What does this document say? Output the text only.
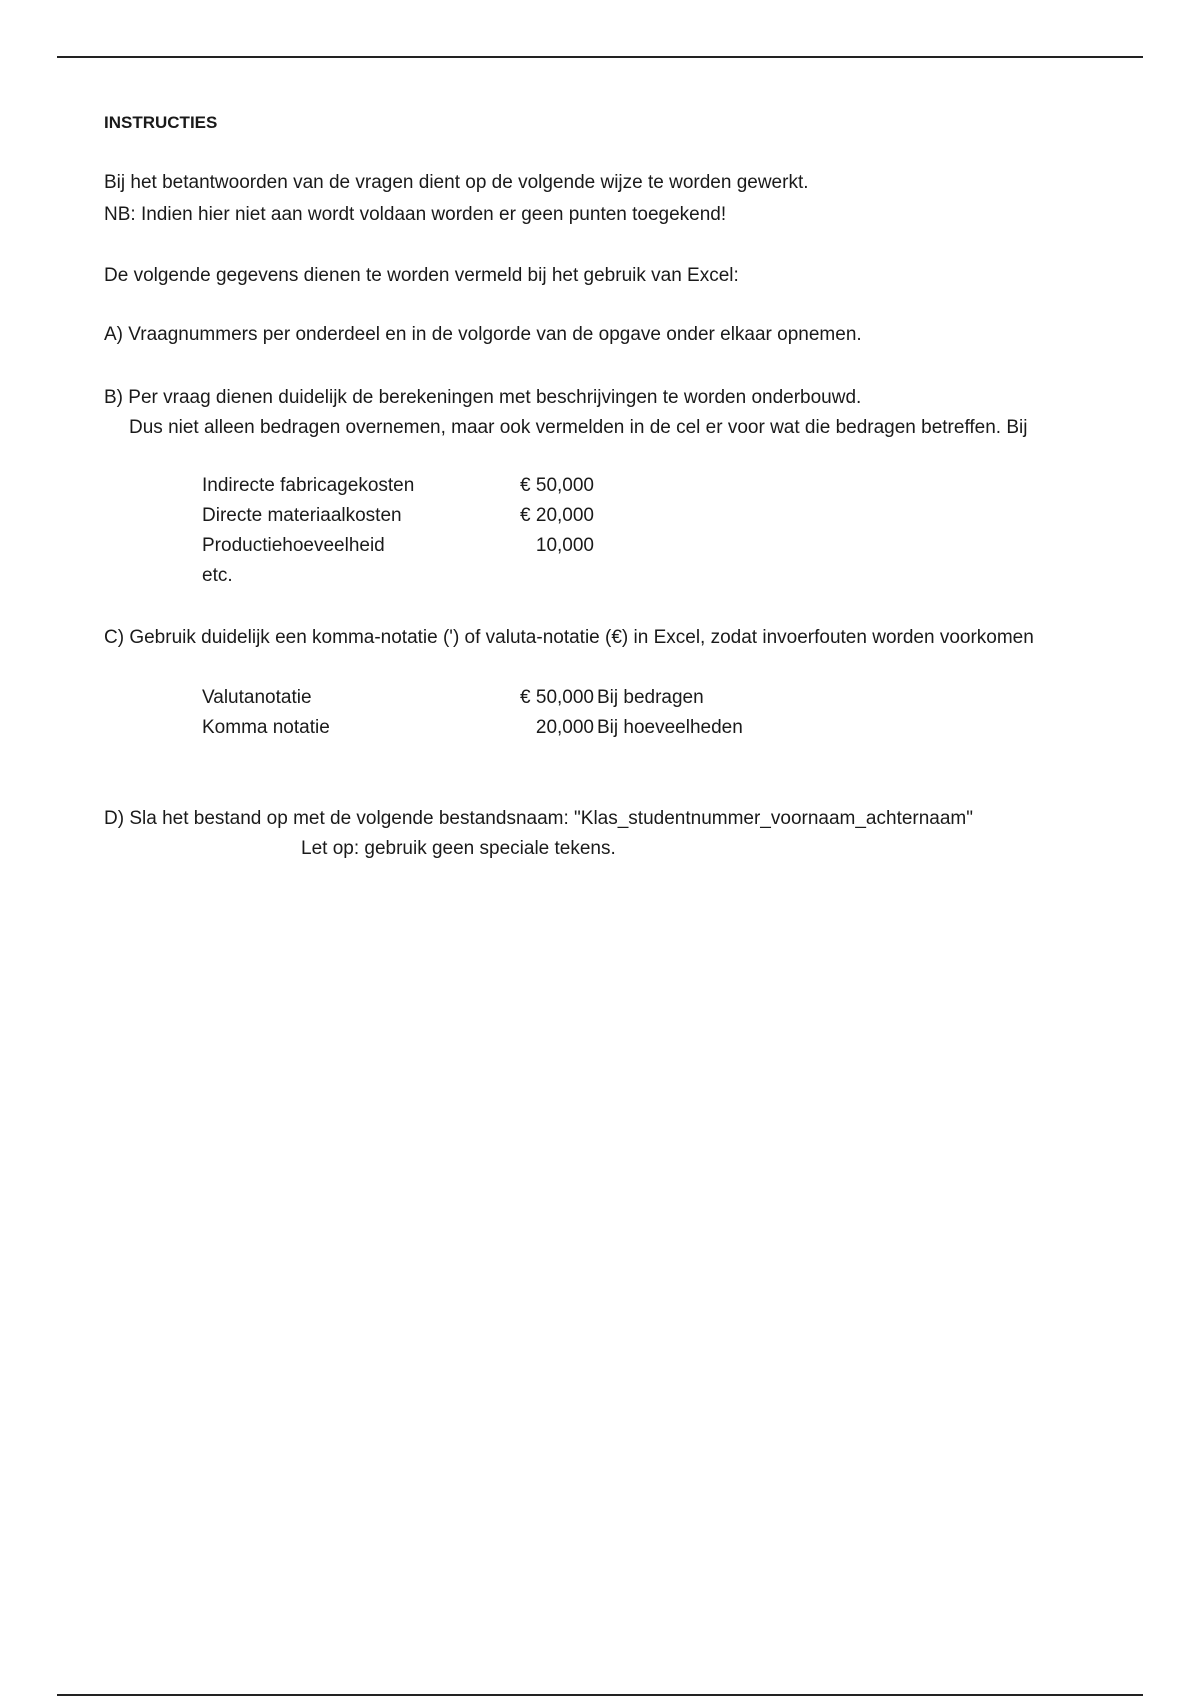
INSTRUCTIES
Bij het betantwoorden van de vragen dient op de volgende wijze te worden gewerkt.
NB: Indien hier niet aan wordt voldaan worden er geen punten toegekend!
De volgende gegevens dienen te worden vermeld bij het gebruik van Excel:
A) Vraagnummers per onderdeel en in de volgorde van de opgave onder elkaar opnemen.
B) Per vraag dienen duidelijk de berekeningen met beschrijvingen te worden onderbouwd.
Dus niet alleen bedragen overnemen, maar ook vermelden in de cel er voor wat die bedragen betreffen. Bij
Indirecte fabricagekosten	€ 50,000
Directe materiaalkosten	€ 20,000
Productiehoeveelheid	10,000
etc.
C) Gebruik duidelijk een komma-notatie (') of valuta-notatie (€) in Excel, zodat invoerfouten worden voorkomen
Valutanotatie	€ 50,000 Bij bedragen
Komma notatie	20,000 Bij hoeveelheden
D) Sla het bestand op met de volgende bestandsnaam: "Klas_studentnummer_voornaam_achternaam"
Let op: gebruik geen speciale tekens.
